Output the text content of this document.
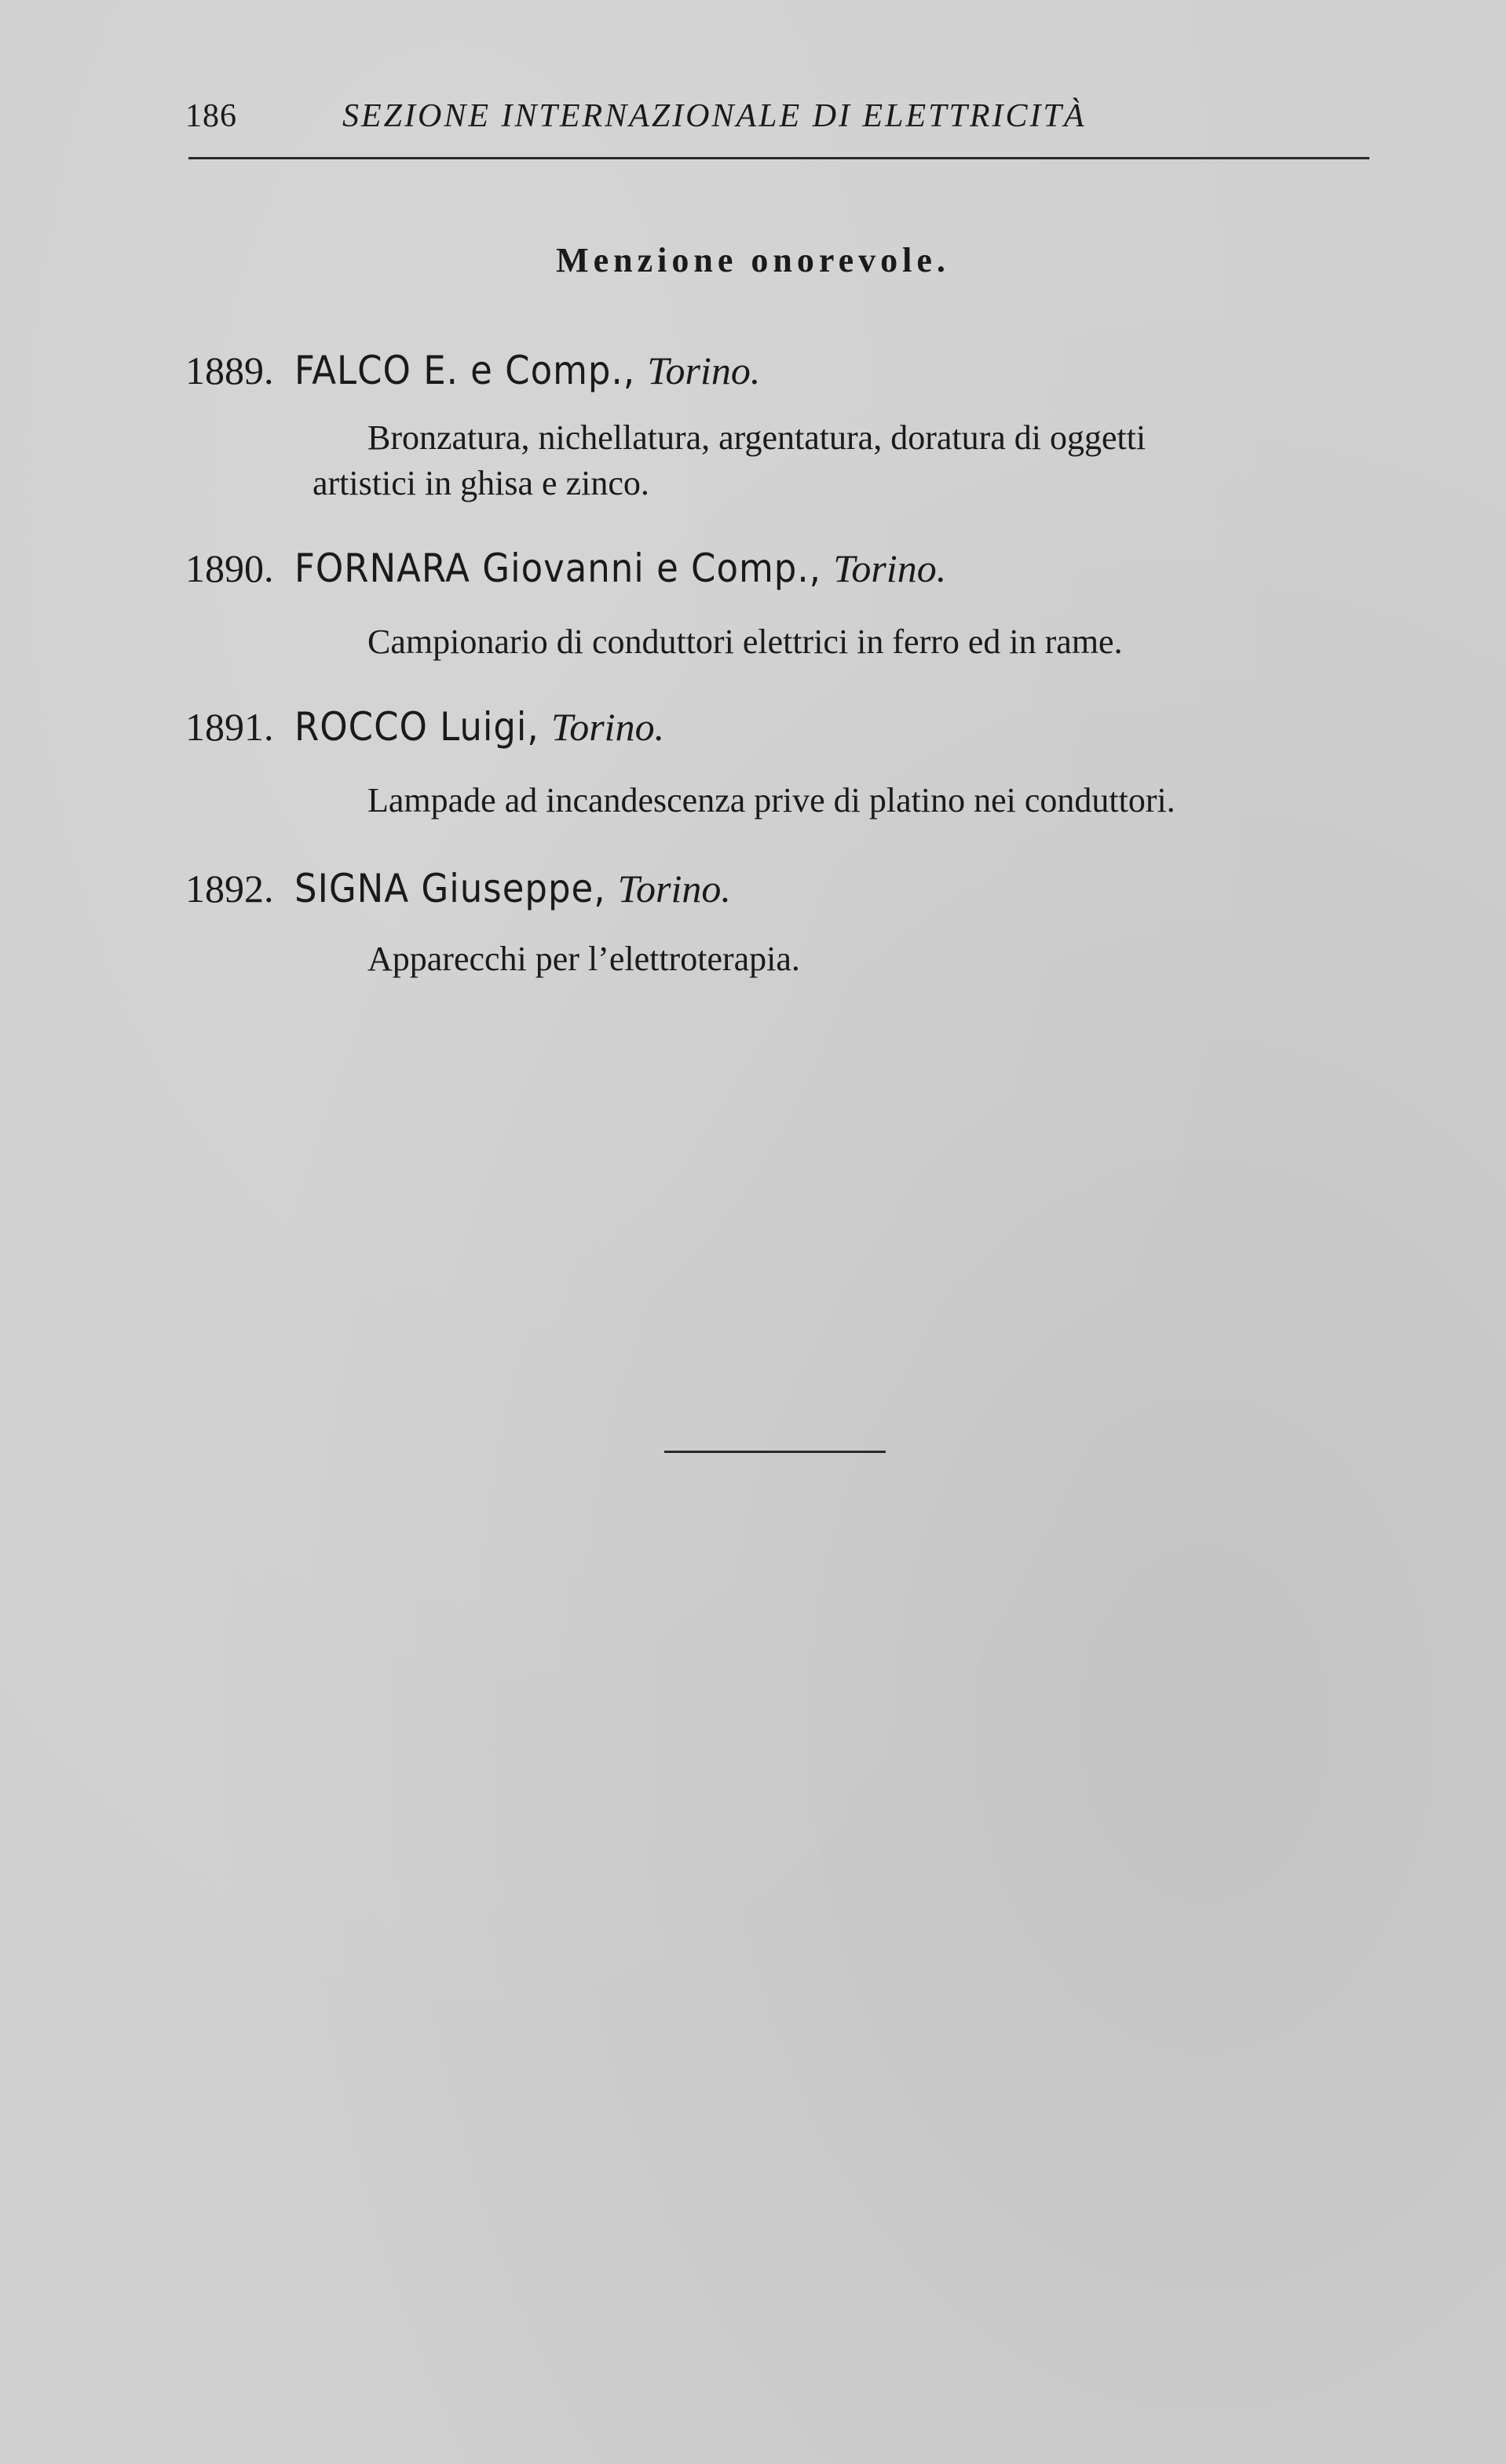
186	SEZIONE INTERNAZIONALE DI ELETTRICITÀ
Menzione onorevole.
1889. FALCO E. e Comp., Torino.
Bronzatura, nichellatura, argentatura, doratura di oggetti
artistici in ghisa e zinco.
1890. FORNARA Giovanni e Comp., Torino.
Campionario di conduttori elettrici in ferro ed in rame.
1891. ROCCO Luigi, Torino.
Lampade ad incandescenza prive di platino nei conduttori.
1892. SIGNA Giuseppe, Torino.
Apparecchi per l’elettroterapia.
